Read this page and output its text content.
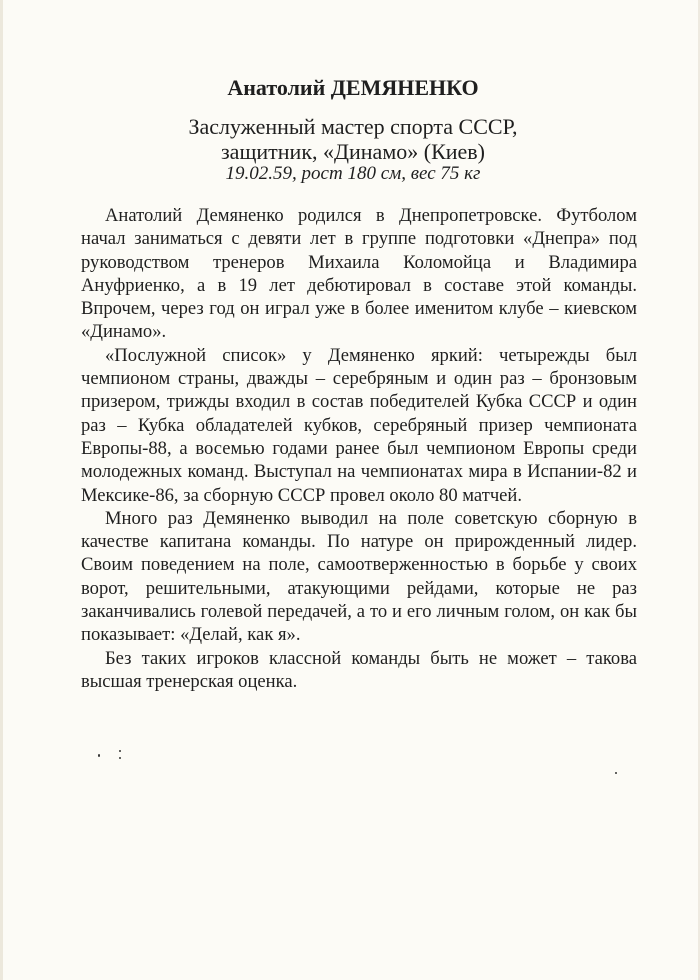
Анатолий ДЕМЯНЕНКО
Заслуженный мастер спорта СССР,
защитник, «Динамо» (Киев)
19.02.59, рост 180 см, вес 75 кг

Анатолий Демяненко родился в Днепропетровске. Футболом начал заниматься с девяти лет в группе подготовки «Днепра» под руководством тренеров Михаила Коломойца и Владимира Ануфриенко, а в 19 лет дебютировал в составе этой команды. Впрочем, через год он играл уже в более именитом клубе – киевском «Динамо».

«Послужной список» у Демяненко яркий: четырежды был чемпионом страны, дважды – серебряным и один раз – бронзовым призером, трижды входил в состав победителей Кубка СССР и один раз – Кубка обладателей кубков, серебряный призер чемпионата Европы-88, а восемью годами ранее был чемпионом Европы среди молодежных команд. Выступал на чемпионатах мира в Испании-82 и Мексике-86, за сборную СССР провел около 80 матчей.

Много раз Демяненко выводил на поле советскую сборную в качестве капитана команды. По натуре он прирожденный лидер. Своим поведением на поле, самоотверженностью в борьбе у своих ворот, решительными, атакующими рейдами, которые не раз заканчивались голевой передачей, а то и его личным голом, он как бы показывает: «Делай, как я».

Без таких игроков классной команды быть не может – такова высшая тренерская оценка.
